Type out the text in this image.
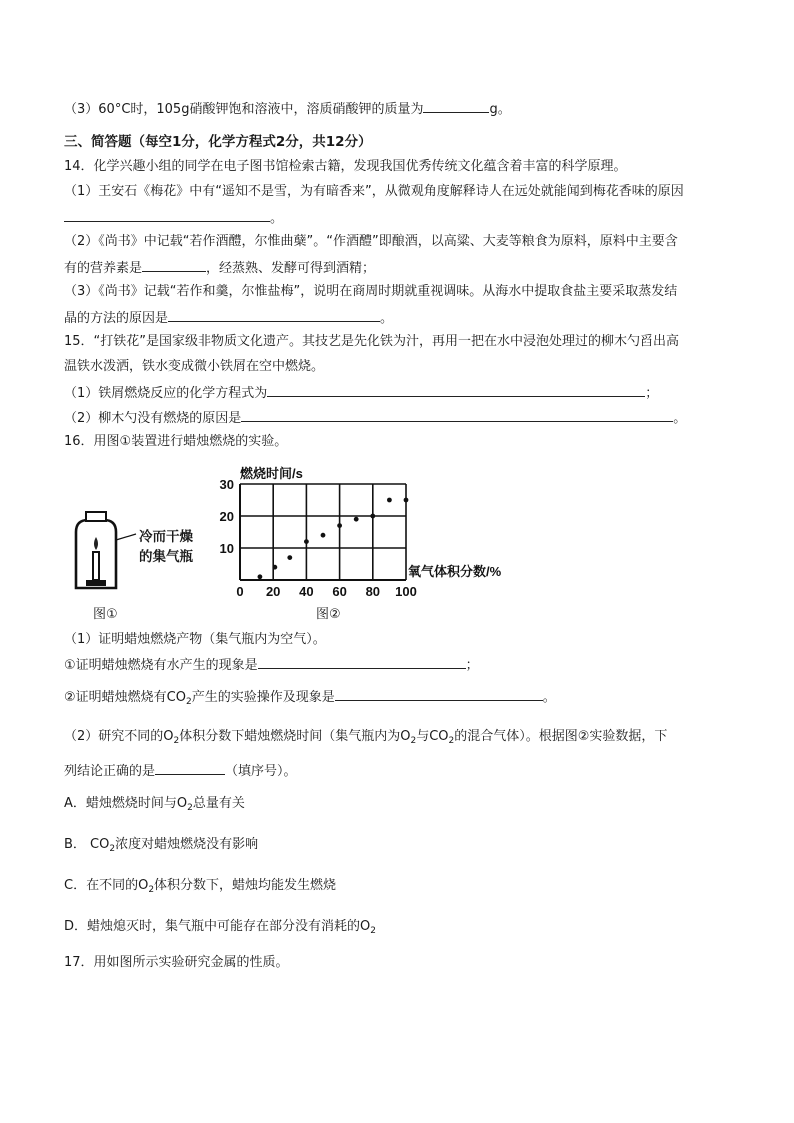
（3）60°C时，105g硝酸钾饱和溶液中，溶质硝酸钾的质量为	g。
三、简答题（每空1分，化学方程式2分，共12分）
14．化学兴趣小组的同学在电子图书馆检索古籍，发现我国优秀传统文化蕴含着丰富的科学原理。
（1）王安石《梅花》中有“遥知不是雪，为有暗香来”，从微观角度解释诗人在远处就能闻到梅花香味的原因
。
（2）《尚书》中记载“若作酒醴，尔惟曲蘖”。“作酒醴”即酿酒，以高粱、大麦等粮食为原料，原料中主要含
有的营养素是	，经蒸熟、发酵可得到酒精；
（3）《尚书》记载“若作和羹，尔惟盐梅”，说明在商周时期就重视调味。从海水中提取食盐主要采取蒸发结
晶的方法的原因是	。
15．“打铁花”是国家级非物质文化遗产。其技艺是先化铁为汁，再用一把在水中浸泡处理过的柳木勺舀出高
温铁水泼洒，铁水变成微小铁屑在空中燃烧。
（1）铁屑燃烧反应的化学方程式为	；
（2）柳木勺没有燃烧的原因是	。
16．用图①装置进行蜡烛燃烧的实验。
冷而干燥
的集气瓶
图①
0 20 40 60 80 100
10
20
30
燃烧时间/s
氧气体积分数/%
图②
（1）证明蜡烛燃烧产物（集气瓶内为空气）。
①证明蜡烛燃烧有水产生的现象是	；
②证明蜡烛燃烧有$CO_2$产生的实验操作及现象是	。
（2）研究不同的$O_2$体积分数下蜡烛燃烧时间（集气瓶内为$O_2$与$CO_2$的混合气体）。根据图②实验数据，下
列结论正确的是	（填序号）。
A．蜡烛燃烧时间与$O_2$总量有关
B． $CO_2$浓度对蜡烛燃烧没有影响
C．在不同的$O_2$体积分数下，蜡烛均能发生燃烧
D．蜡烛熄灭时，集气瓶中可能存在部分没有消耗的$O_2$
17．用如图所示实验研究金属的性质。
